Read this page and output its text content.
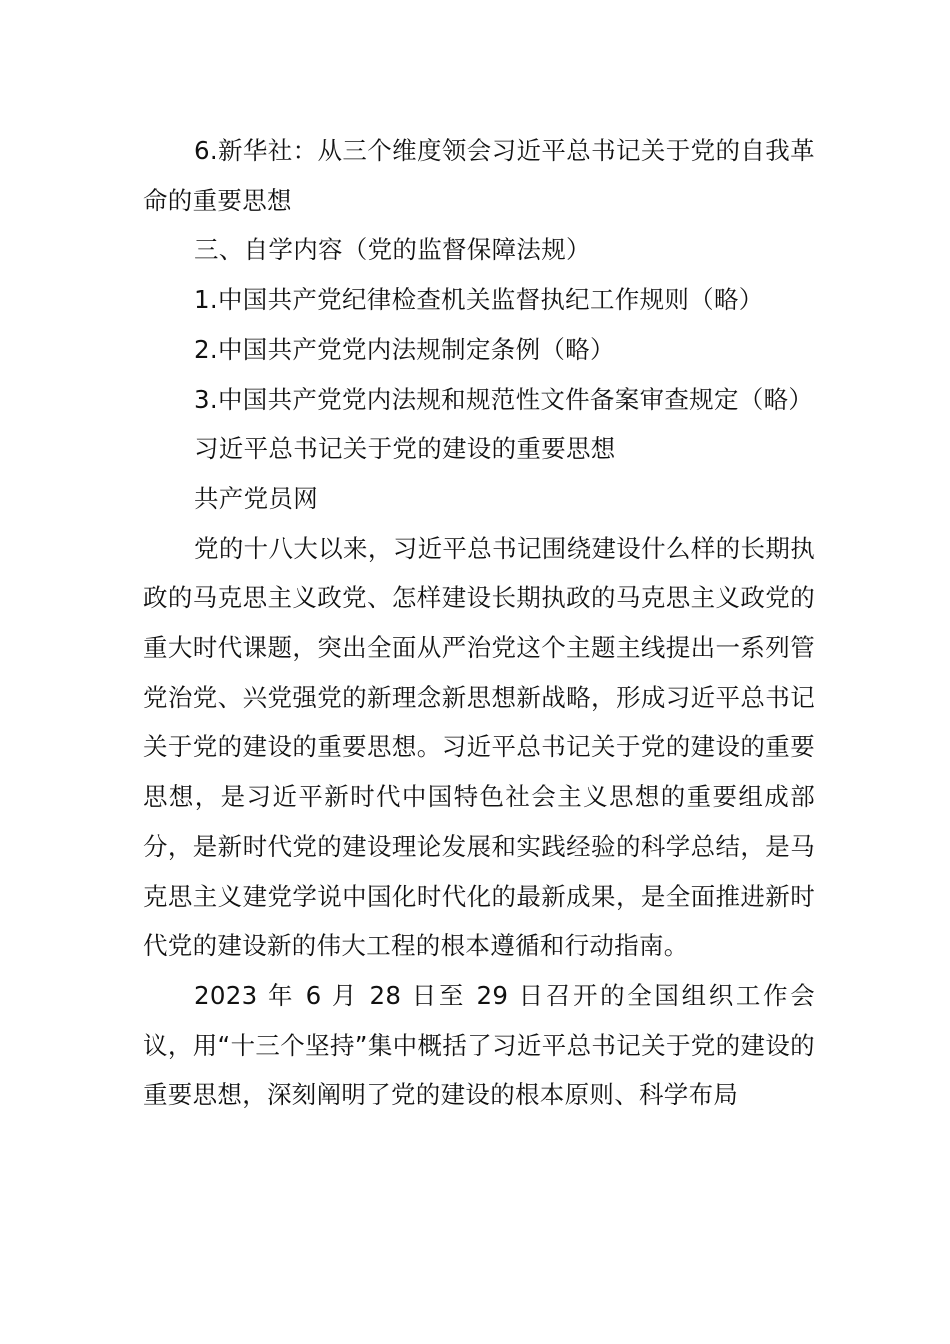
6.新华社：从三个维度领会习近平总书记关于党的自我革命的重要思想

三、自学内容（党的监督保障法规）

1.中国共产党纪律检查机关监督执纪工作规则（略）

2.中国共产党党内法规制定条例（略）

3.中国共产党党内法规和规范性文件备案审查规定（略）

习近平总书记关于党的建设的重要思想

共产党员网

党的十八大以来，习近平总书记围绕建设什么样的长期执政的马克思主义政党、怎样建设长期执政的马克思主义政党的重大时代课题，突出全面从严治党这个主题主线提出一系列管党治党、兴党强党的新理念新思想新战略，形成习近平总书记关于党的建设的重要思想。习近平总书记关于党的建设的重要思想，是习近平新时代中国特色社会主义思想的重要组成部分，是新时代党的建设理论发展和实践经验的科学总结，是马克思主义建党学说中国化时代化的最新成果，是全面推进新时代党的建设新的伟大工程的根本遵循和行动指南。

2023 年 6 月 28 日至 29 日召开的全国组织工作会议，用“十三个坚持”集中概括了习近平总书记关于党的建设的重要思想，深刻阐明了党的建设的根本原则、科学布局
